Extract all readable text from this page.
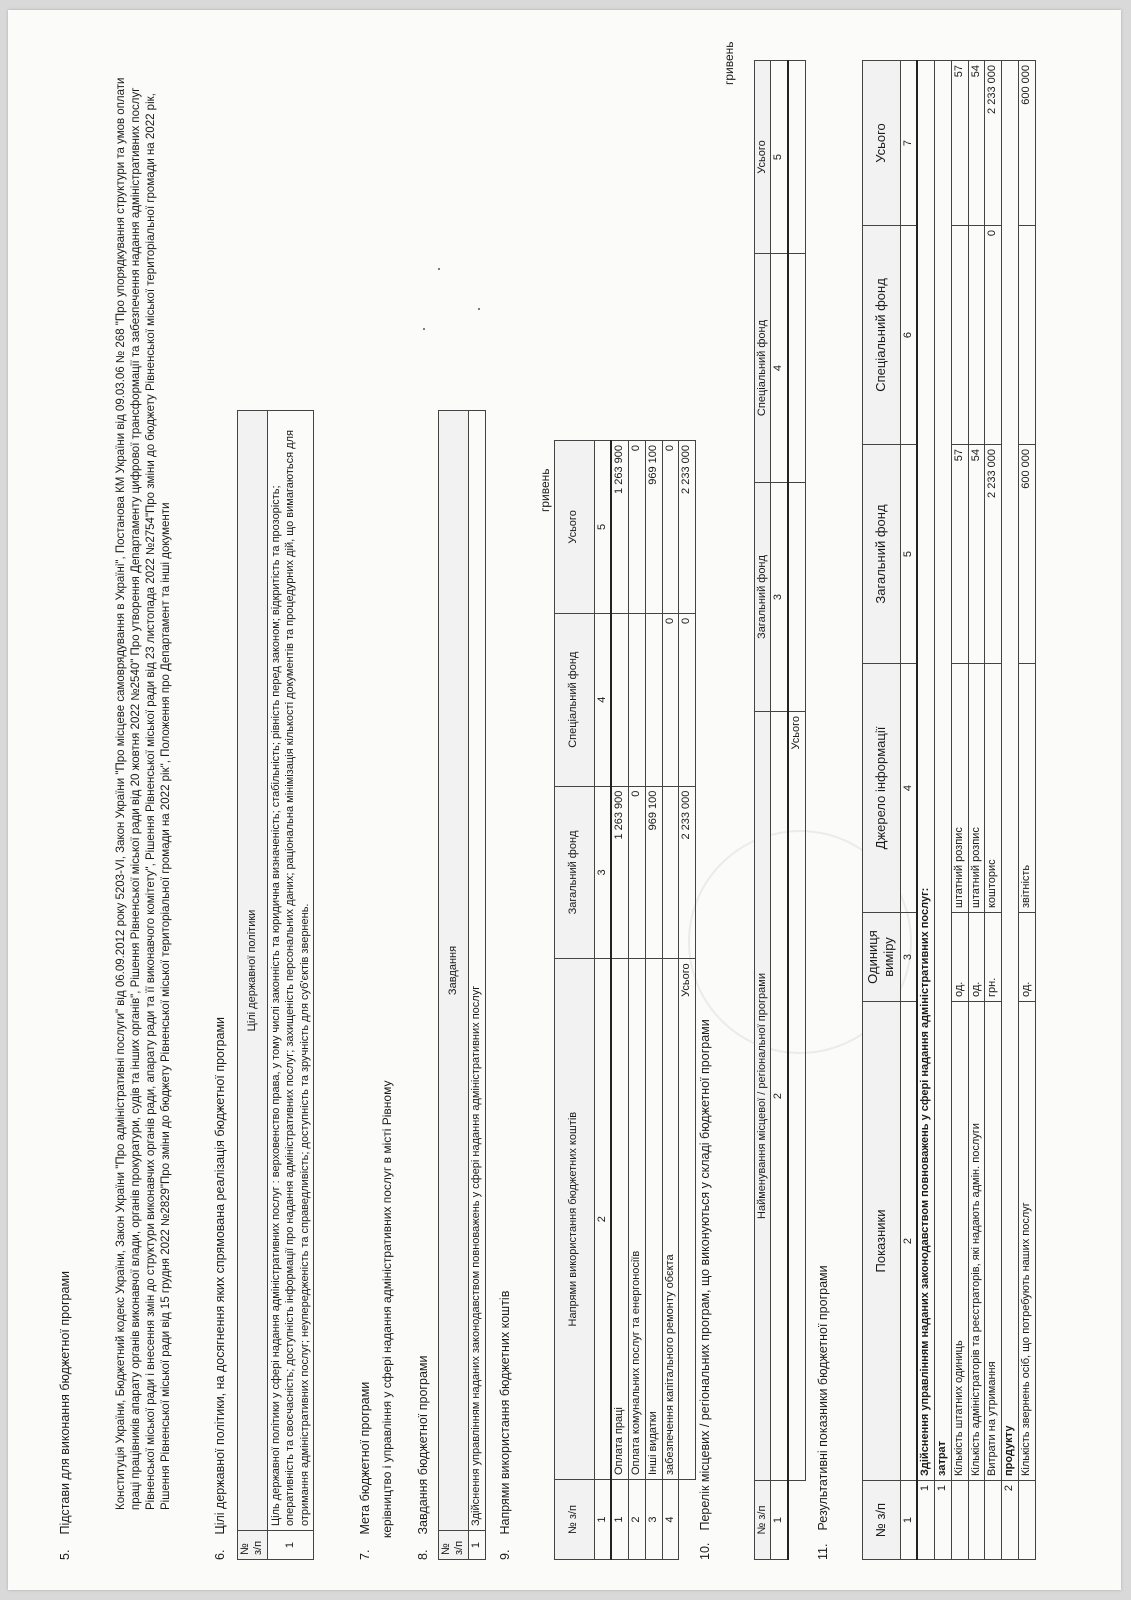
5. Підстави для виконання бюджетної програми	Конституція України, Бюджетний кодекс України, Закон України "Про адміністративні послуги" від 06.09.2012 року 5203-VI, Закон України "Про місцеве самоврядування в Україні", Постанова КМ України від 09.03.06 № 268 "Про упорядкування структури та умов оплати праці працівників апарату органів виконавчої влади, органів прокуратури, судів та інших органів", Рішення Рівненської міської ради від 20 жовтня 2022 №2540" Про утворення Департаменту цифрової трансформації та забезпечення надання адміністративних послуг Рівненської міської ради і внесення змін до структури виконавчих органів ради, апарату ради та її виконавчого комітету", Рішення Рівненської міської ради від 23 листопада 2022 №2754"Про зміни до бюджету Рівненської міської територіальної громади на 2022 рік, Рішення Рівненської міської ради від 15 грудня 2022 №2829"Про зміни до бюджету Рівненської міської територіальної громади на 2022 рік", Положення про Департамент та інші документи
6. Цілі державної політики, на досягнення яких спрямована реалізація бюджетної програми
№ з/п	Цілі державної політики
1	Ціль державної політики у сфері надання адміністративних послуг : верховенство права, у тому числі законність та юридична визначеність; стабільність; рівність перед законом; відкритість та прозорість; оперативність та своєчасність; доступність інформації про надання адміністративних послуг; захищеність персональних даних; раціональна мінімізація кількості документів та процедурних дій, що вимагаються для отримання адміністративних послуг; неупередженість та справедливість; доступність та зручність для суб'єктів звернень.
7. Мета бюджетної програми керівництво і управління у сфері надання адміністративних послуг в місті Рівному
8. Завдання бюджетної програми
№ з/п	Завдання
1	Здійснення управлінням наданих законодавством повноважень у сфері надання адміністративних послуг
9. Напрями використання бюджетних коштів
гривень
№ з/п	Напрями використання бюджетних коштів	Загальний фонд	Спеціальний фонд	Усього
1	2	3	4	5
1	Оплата праці	1 263 900		1 263 900
2	Оплата комунальних послуг та енергоносіїв	0		0
3	Інші видатки	969 100		969 100
4	забезпечення капітального ремонту обєкта		0	0
	Усього	2 233 000	0	2 233 000
10. Перелік місцевих / регіональних програм, що виконуються у складі бюджетної програми
гривень
№ з/п	Найменування місцевої / регіональної програми	Загальний фонд	Спеціальний фонд	Усього
1	2	3	4	5
	Усього			
11. Результативні показники бюджетної програми	№ з/п	Показники	Одиниця виміру	Джерело інформації	Загальний фонд	Спеціальний фонд	Усього
1	2	3	4	5	6	7
1	Здійснення управлінням наданих законодавством повноважень у сфері надання адміністративних послуг:					
1	затрат					
	Кількість штатних одиниць	од.	штатний розпис	57		57
	Кількість адміністраторів та реєстраторів, які надають адмін. послуги	од.	штатний розпис	54		54
	Витрати на утримання	грн.	кошторис	2 233 000	0	2 233 000
2	продукту					
	Кількість звернень осіб, що потребують наших послуг	од.	звітність	600 000		600 000
